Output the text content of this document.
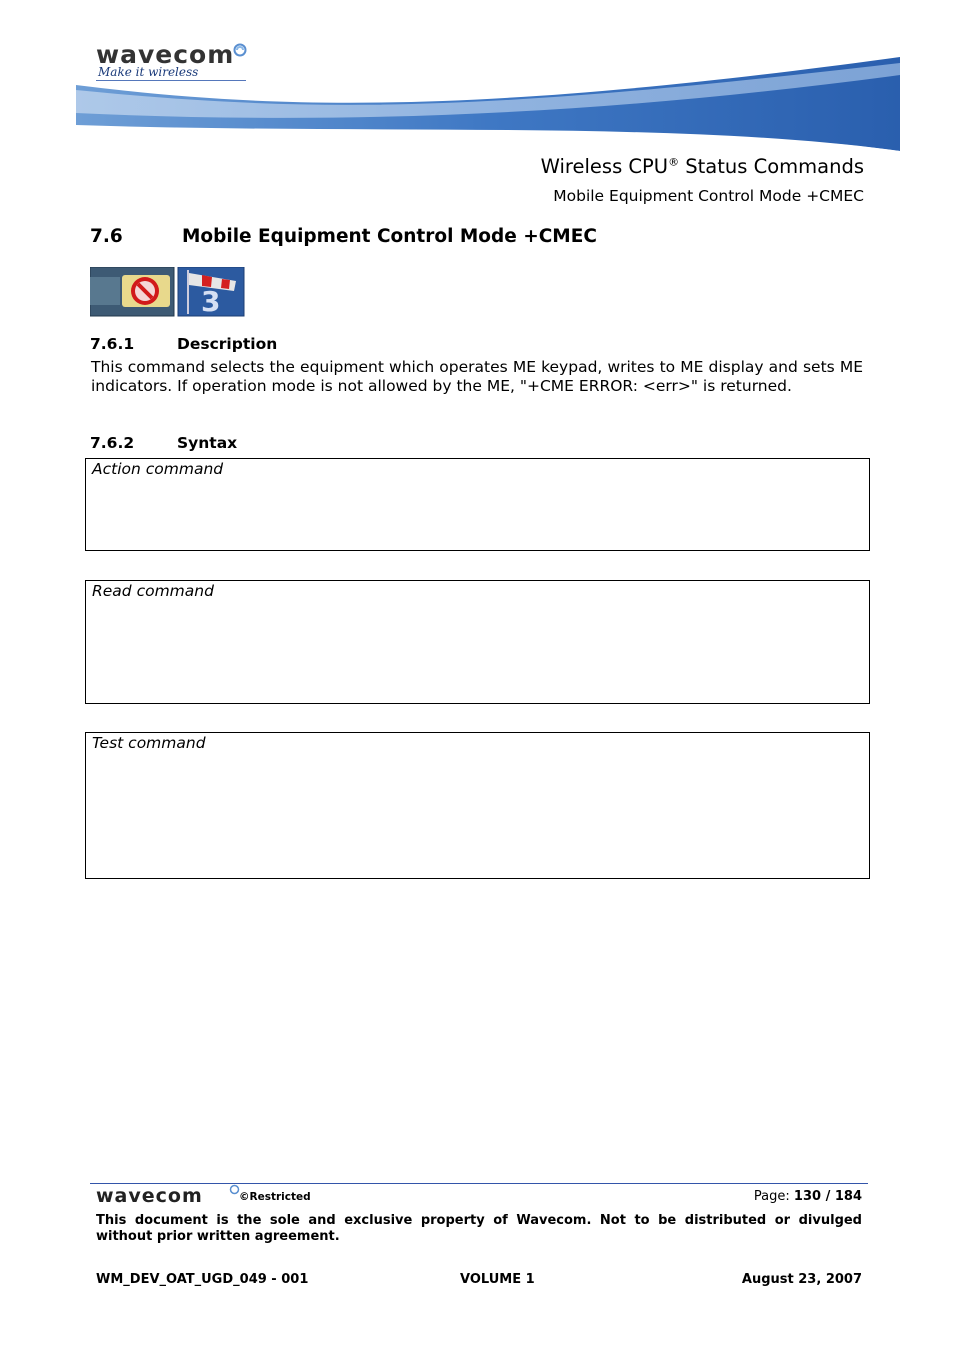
wavecom
Make it wireless
Wireless CPU® Status Commands
Mobile Equipment Control Mode +CMEC
7.6	Mobile Equipment Control Mode +CMEC
3
7.6.1	Description
This command selects the equipment which operates ME keypad, writes to ME display and sets ME indicators. If operation mode is not allowed by the ME, "+CME ERROR: <err>" is returned.
7.6.2	Syntax
Action command
Read command
Test command
wavecom	©Restricted	Page: 130 / 184
This document is the sole and exclusive property of Wavecom. Not to be distributed or divulged without prior written agreement.
WM_DEV_OAT_UGD_049 - 001	VOLUME 1	August 23, 2007
